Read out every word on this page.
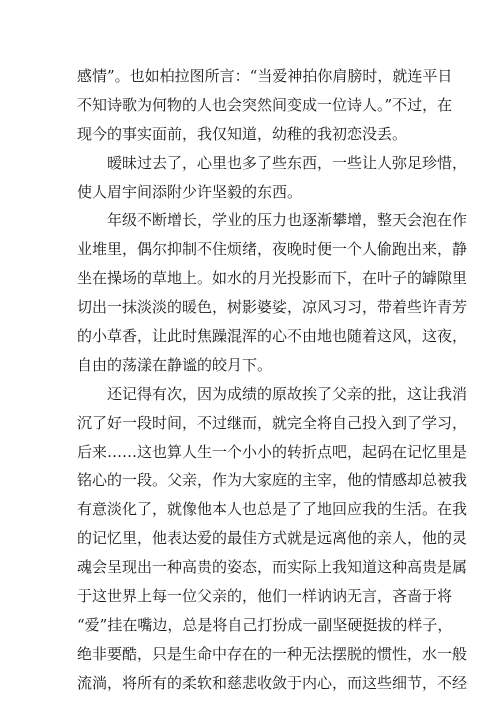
感情”。也如柏拉图所言：“当爱神拍你肩膀时，就连平日
不知诗歌为何物的人也会突然间变成一位诗人。”不过，在
现今的事实面前，我仅知道，幼稚的我初恋没丢。
暧昧过去了，心里也多了些东西，一些让人弥足珍惜，
使人眉宇间添附少许坚毅的东西。
年级不断增长，学业的压力也逐渐攀增，整天会泡在作
业堆里，偶尔抑制不住烦绪，夜晚时便一个人偷跑出来，静
坐在操场的草地上。如水的月光投影而下，在叶子的罅隙里
切出一抹淡淡的暖色，树影婆娑，凉风习习，带着些许青芳
的小草香，让此时焦躁混浑的心不由地也随着这风，这夜，
自由的荡漾在静谧的皎月下。
还记得有次，因为成绩的原故挨了父亲的批，这让我消
沉了好一段时间，不过继而，就完全将自己投入到了学习，
后来……这也算人生一个小小的转折点吧，起码在记忆里是
铭心的一段。父亲，作为大家庭的主宰，他的情感却总被我
有意淡化了，就像他本人也总是了了地回应我的生活。在我
的记忆里，他表达爱的最佳方式就是远离他的亲人，他的灵
魂会呈现出一种高贵的姿态，而实际上我知道这种高贵是属
于这世界上每一位父亲的，他们一样讷讷无言，吝啬于将
“爱”挂在嘴边，总是将自己打扮成一副坚硬挺拔的样子，
绝非要酷，只是生命中存在的一种无法摆脱的惯性，水一般
流淌，将所有的柔软和慈悲收敛于内心，而这些细节，不经
